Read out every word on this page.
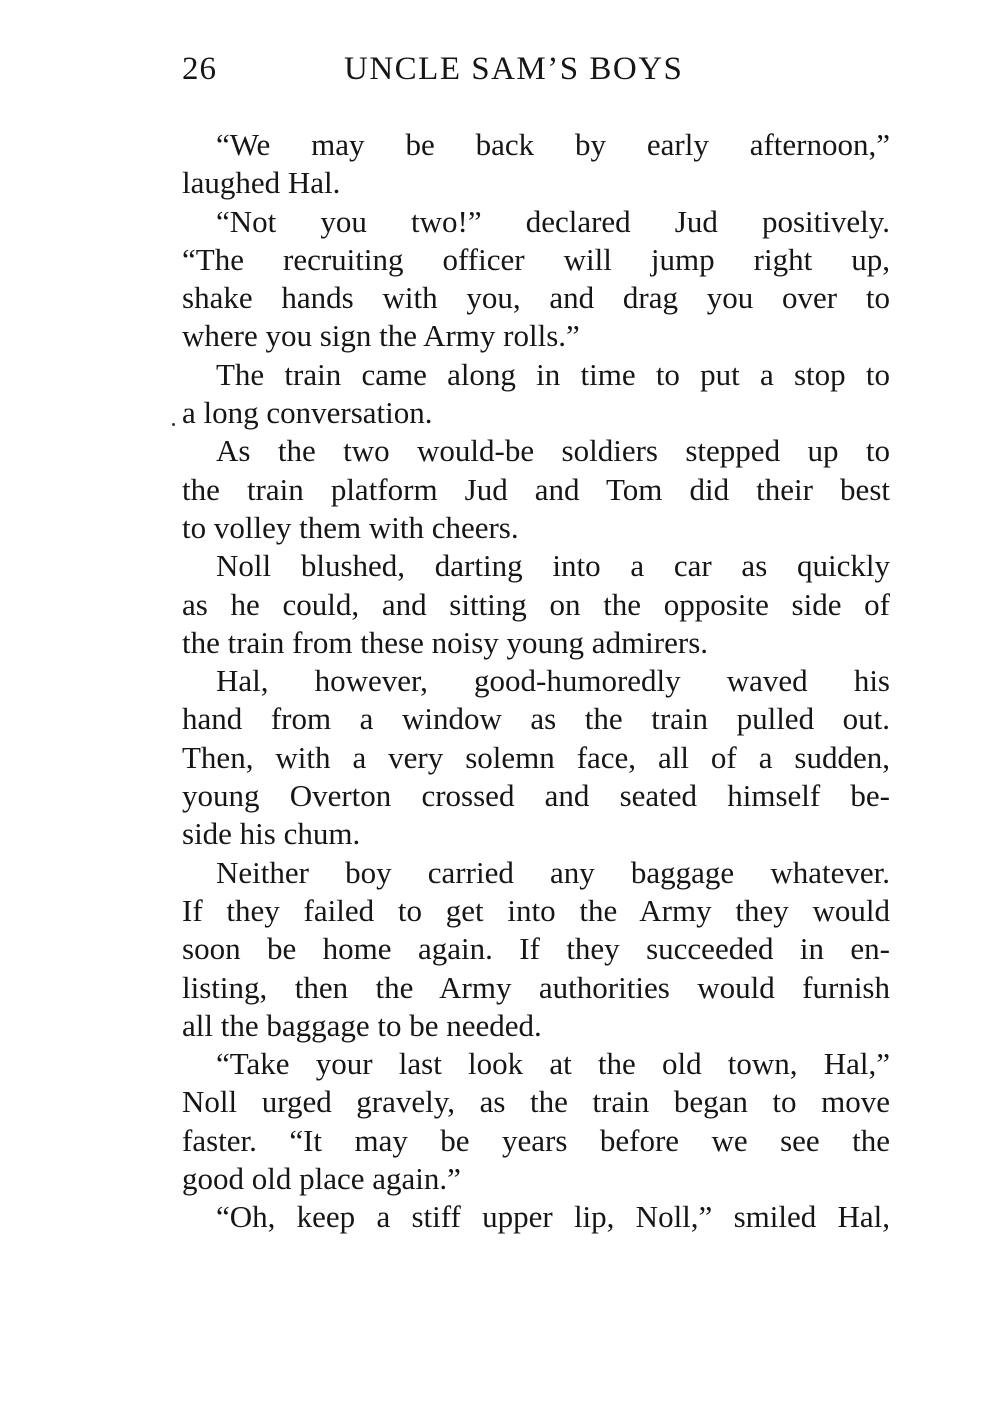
26	UNCLE SAM’S BOYS

“We may be back by early afternoon,”
laughed Hal.

“Not you two!” declared Jud positively.
“The recruiting officer will jump right up,
shake hands with you, and drag you over to
where you sign the Army rolls.”

The train came along in time to put a stop to
a long conversation.

As the two would-be soldiers stepped up to
the train platform Jud and Tom did their best
to volley them with cheers.

Noll blushed, darting into a car as quickly
as he could, and sitting on the opposite side of
the train from these noisy young admirers.

Hal, however, good-humoredly waved his
hand from a window as the train pulled out.
Then, with a very solemn face, all of a sudden,
young Overton crossed and seated himself be-
side his chum.

Neither boy carried any baggage whatever.
If they failed to get into the Army they would
soon be home again. If they succeeded in en-
listing, then the Army authorities would furnish
all the baggage to be needed.

“Take your last look at the old town, Hal,”
Noll urged gravely, as the train began to move
faster. “It may be years before we see the
good old place again.”

“Oh, keep a stiff upper lip, Noll,” smiled Hal,
